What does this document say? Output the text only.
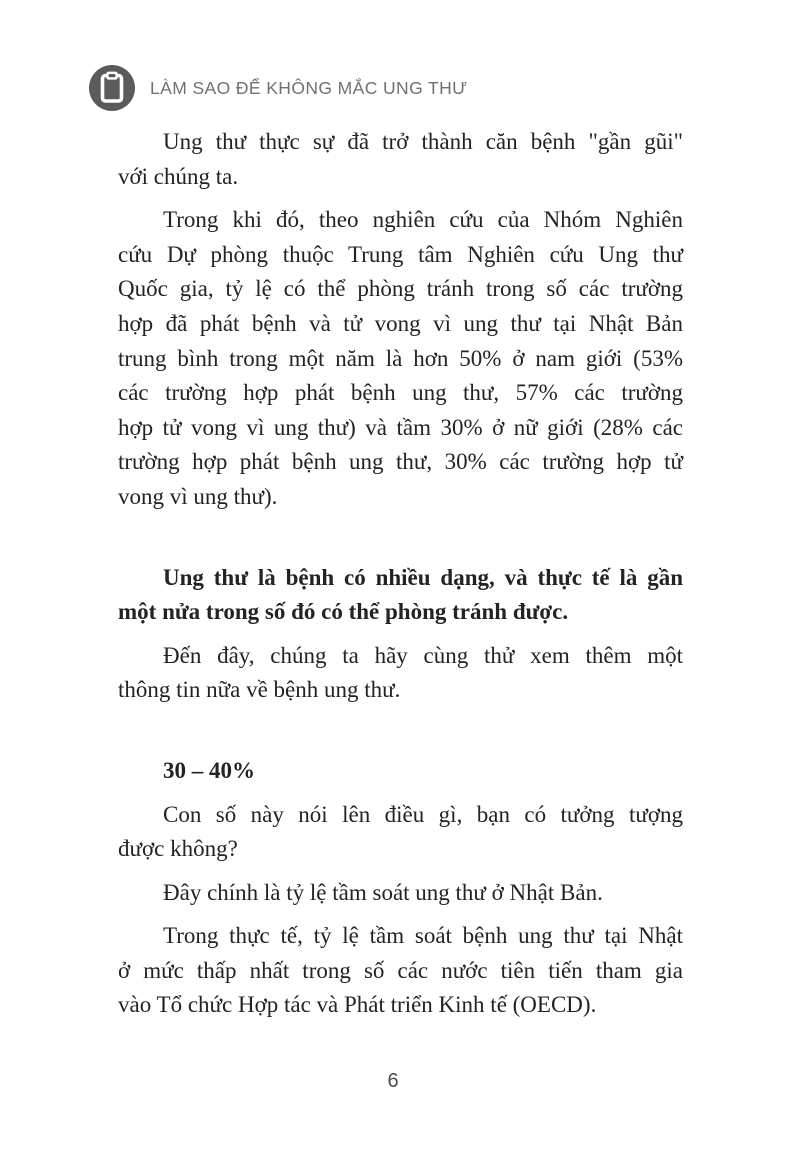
LÀM SAO ĐỂ KHÔNG MẮC UNG THƯ

Ung thư thực sự đã trở thành căn bệnh "gần gũi"
với chúng ta.

Trong khi đó, theo nghiên cứu của Nhóm Nghiên
cứu Dự phòng thuộc Trung tâm Nghiên cứu Ung thư
Quốc gia, tỷ lệ có thể phòng tránh trong số các trường
hợp đã phát bệnh và tử vong vì ung thư tại Nhật Bản
trung bình trong một năm là hơn 50% ở nam giới (53%
các trường hợp phát bệnh ung thư, 57% các trường
hợp tử vong vì ung thư) và tầm 30% ở nữ giới (28% các
trường hợp phát bệnh ung thư, 30% các trường hợp tử
vong vì ung thư).

Ung thư là bệnh có nhiều dạng, và thực tế là gần
một nửa trong số đó có thể phòng tránh được.

Đến đây, chúng ta hãy cùng thử xem thêm một
thông tin nữa về bệnh ung thư.

30 – 40%

Con số này nói lên điều gì, bạn có tưởng tượng
được không?

Đây chính là tỷ lệ tầm soát ung thư ở Nhật Bản.

Trong thực tế, tỷ lệ tầm soát bệnh ung thư tại Nhật
ở mức thấp nhất trong số các nước tiên tiến tham gia
vào Tổ chức Hợp tác và Phát triển Kinh tế (OECD).

6
